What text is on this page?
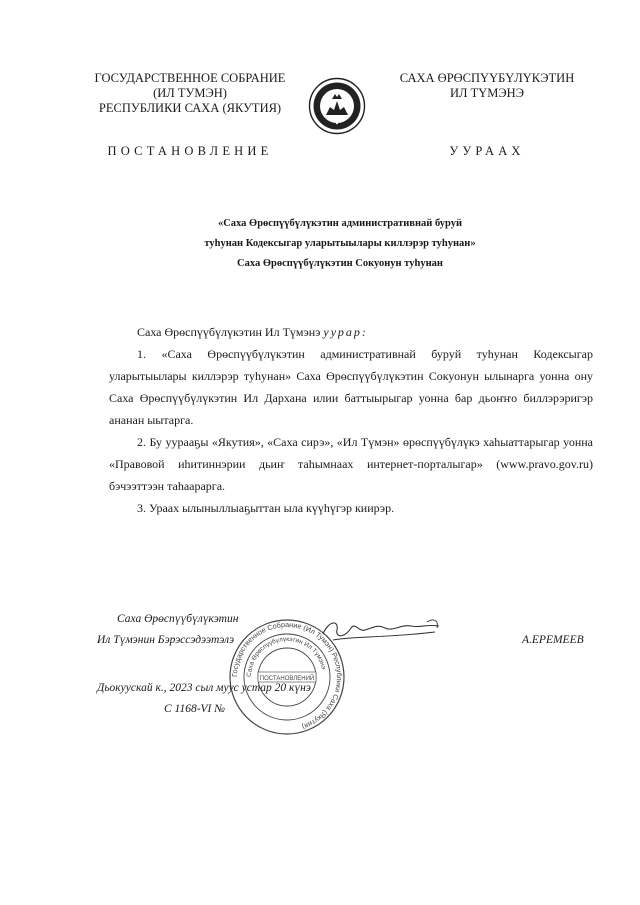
ГОСУДАРСТВЕННОЕ СОБРАНИЕ
(ИЛ ТУМЭН)
РЕСПУБЛИКИ САХА (ЯКУТИЯ)
САХА ӨРӨСПҮҮБҮЛҮКЭТИН
ИЛ ТҮМЭНЭ
ПОСТАНОВЛЕНИЕ	УУРААХ
«Саха Өрөспүүбүлүкэтин административнай буруй
туһунан Кодексыгар уларытыылары киллэрэр туһунан»
Саха Өрөспүүбүлүкэтин Сокуонун туһунан

Саха Өрөспүүбүлүкэтин Ил Түмэнэ уурар:

1. «Саха Өрөспүүбүлүкэтин административнай буруй туһунан Кодексыгар уларытыылары киллэрэр туһунан» Саха Өрөспүүбүлүкэтин Сокуонун ылынарга уонна ону Саха Өрөспүүбүлүкэтин Ил Дархана илии баттыырыгар уонна бар дьоҥҥо биллэрэригэр ананан ыытарга.

2. Бу уурааҕы «Якутия», «Саха сирэ», «Ил Түмэн» өрөспүүбүлүкэ хаһыаттарыгар уонна «Правовой иһитиннэрии дьиҥ таһымнаах интернет-порталыгар» (www.pravo.gov.ru) бэчээттээн таһаарарга.

3. Ураах ылыныллыаҕыттан ыла күүһүгэр киирэр.

Саха Өрөспүүбүлүкэтин
Ил Түмэнин Бэрэссэдээтэлэ	А.ЕРЕМЕЕВ
Дьокуускай к., 2023 сыл муус устар 20 күнэ
С 1168-VI №
Государственное Собрание (Ил Тумэн) Республики Саха (Якутия)
Саха Өрөспүүбүлүкэтин Ил Түмэнэ
ПОСТАНОВЛЕНИЙ
